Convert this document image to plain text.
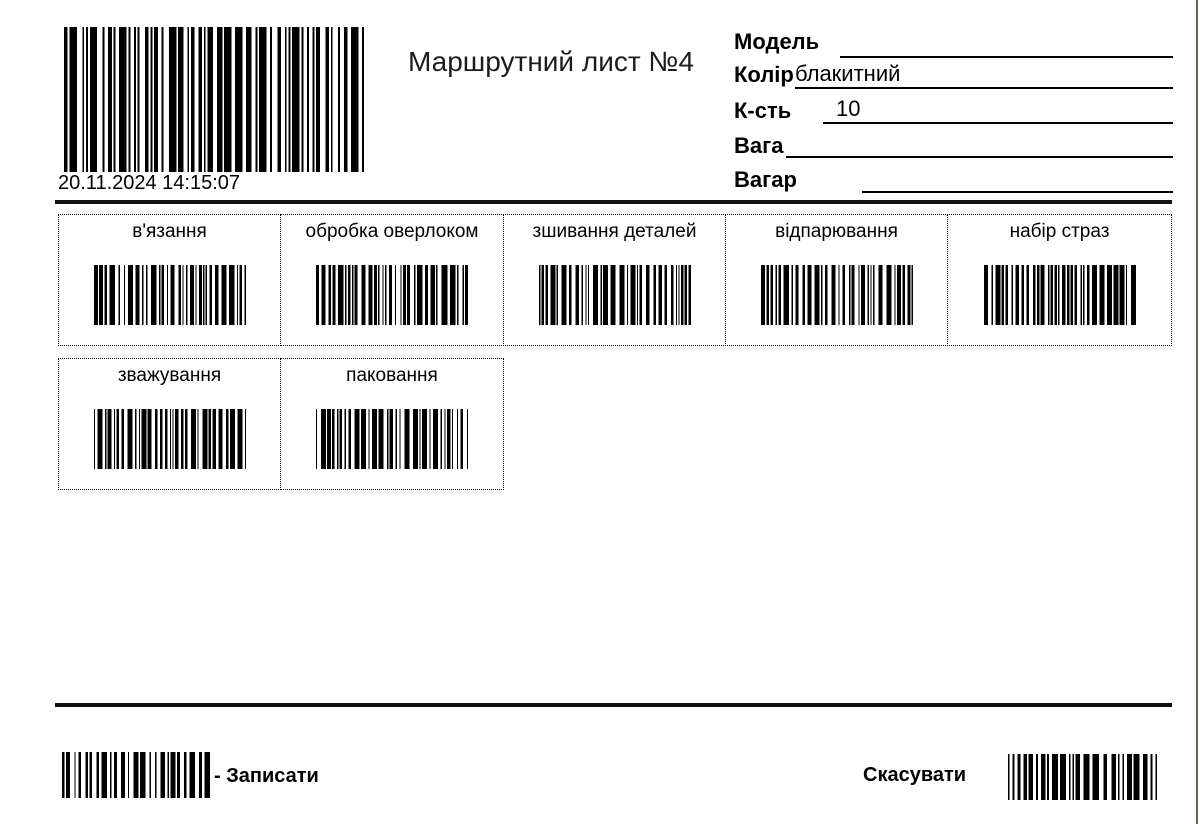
20.11.2024 14:15:07
Маршрутний лист №4
Модель
Колір блакитний
К-сть 10
Вага
Вагар
в'язання	обробка оверлоком	зшивання деталей	відпарювання	набір страз
зважування	паковання
- Записати	Скасувати
